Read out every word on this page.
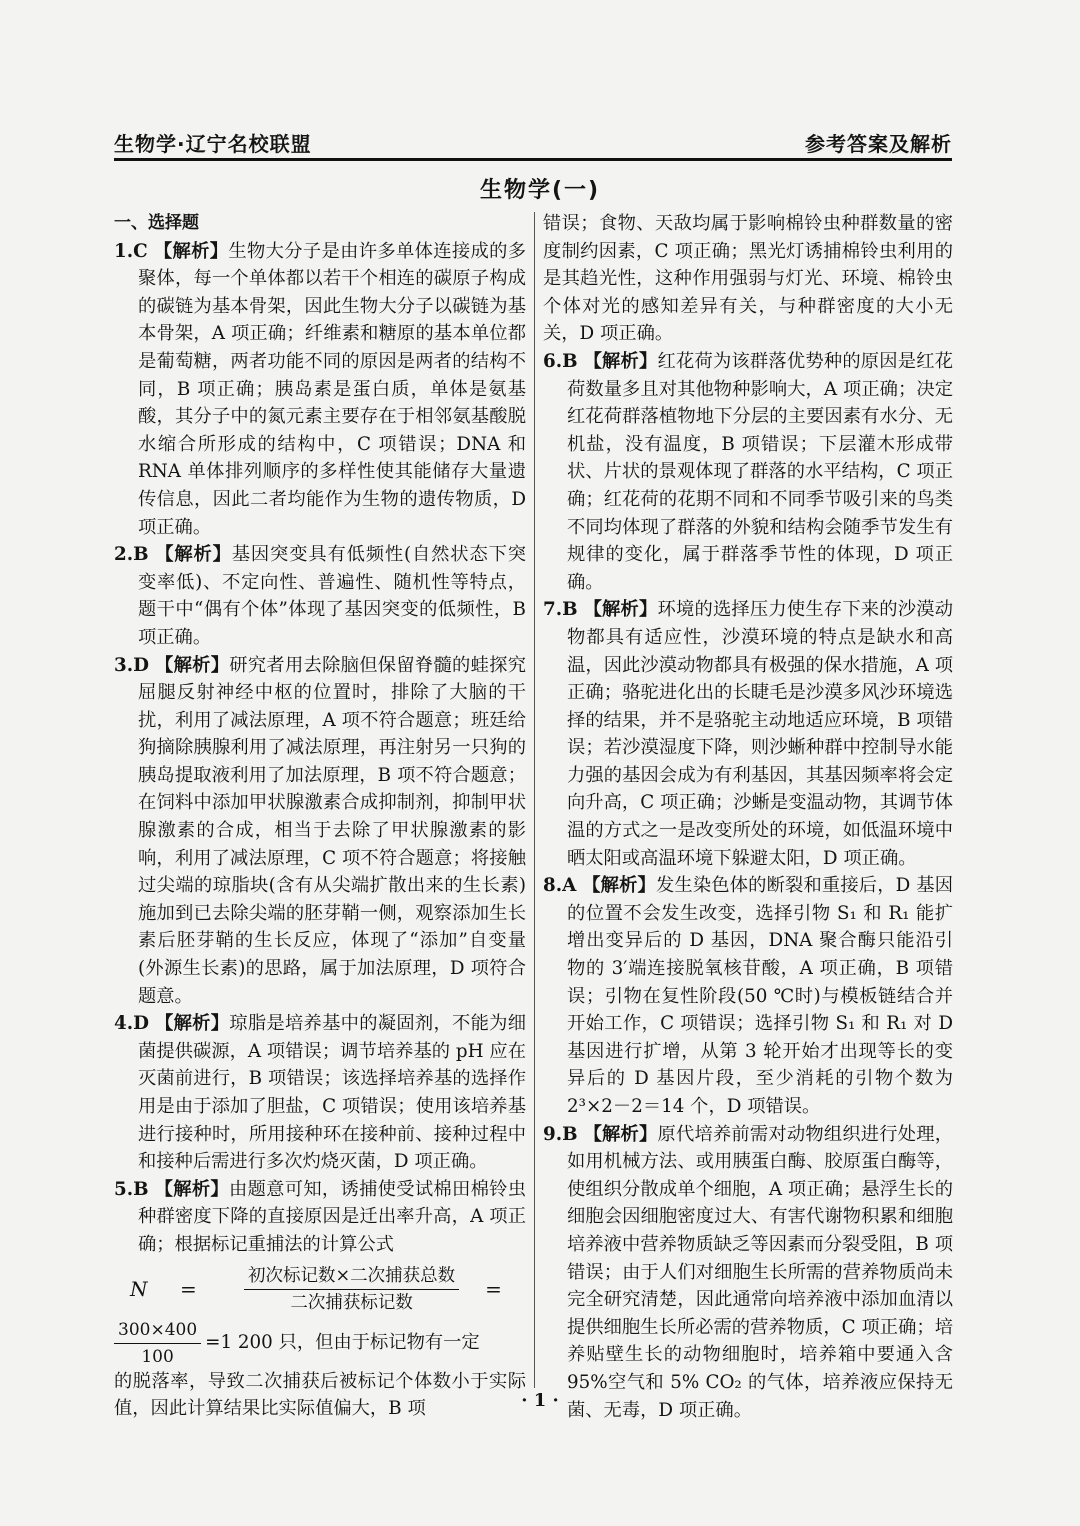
生物学·辽宁名校联盟	参考答案及解析
生物学(一)

一、选择题

1.C 【解析】生物大分子是由许多单体连接成的多聚体，每一个单体都以若干个相连的碳原子构成的碳链为基本骨架，因此生物大分子以碳链为基本骨架，A 项正确；纤维素和糖原的基本单位都是葡萄糖，两者功能不同的原因是两者的结构不同，B 项正确；胰岛素是蛋白质，单体是氨基酸，其分子中的氮元素主要存在于相邻氨基酸脱水缩合所形成的结构中，C 项错误；DNA 和 RNA 单体排列顺序的多样性使其能储存大量遗传信息，因此二者均能作为生物的遗传物质，D 项正确。

2.B 【解析】基因突变具有低频性(自然状态下突变率低)、不定向性、普遍性、随机性等特点，题干中“偶有个体”体现了基因突变的低频性，B 项正确。

3.D 【解析】研究者用去除脑但保留脊髓的蛙探究屈腿反射神经中枢的位置时，排除了大脑的干扰，利用了减法原理，A 项不符合题意；班廷给狗摘除胰腺利用了减法原理，再注射另一只狗的胰岛提取液利用了加法原理，B 项不符合题意；在饲料中添加甲状腺激素合成抑制剂，抑制甲状腺激素的合成，相当于去除了甲状腺激素的影响，利用了减法原理，C 项不符合题意；将接触过尖端的琼脂块(含有从尖端扩散出来的生长素)施加到已去除尖端的胚芽鞘一侧，观察添加生长素后胚芽鞘的生长反应，体现了“添加”自变量(外源生长素)的思路，属于加法原理，D 项符合题意。

4.D 【解析】琼脂是培养基中的凝固剂，不能为细菌提供碳源，A 项错误；调节培养基的 pH 应在灭菌前进行，B 项错误；该选择培养基的选择作用是由于添加了胆盐，C 项错误；使用该培养基进行接种时，所用接种环在接种前、接种过程中和接种后需进行多次灼烧灭菌，D 项正确。

5.B 【解析】由题意可知，诱捕使受试棉田棉铃虫种群密度下降的直接原因是迁出率升高，A 项正确；根据标记重捕法的计算公式
N	=	$\frac{\text{初次标记数×二次捕获总数}}{\text{二次捕获标记数}}$ =
$\frac{300\times 400}{100} =1$ 200 只，但由于标记物有一定

的脱落率，导致二次捕获后被标记个体数小于实际值，因此计算结果比实际值偏大，B 项

错误；食物、天敌均属于影响棉铃虫种群数量的密度制约因素，C 项正确；黑光灯诱捕棉铃虫利用的是其趋光性，这种作用强弱与灯光、环境、棉铃虫个体对光的感知差异有关，与种群密度的大小无关，D 项正确。

6.B 【解析】红花荷为该群落优势种的原因是红花荷数量多且对其他物种影响大，A 项正确；决定红花荷群落植物地下分层的主要因素有水分、无机盐，没有温度，B 项错误；下层灌木形成带状、片状的景观体现了群落的水平结构，C 项正确；红花荷的花期不同和不同季节吸引来的鸟类不同均体现了群落的外貌和结构会随季节发生有规律的变化，属于群落季节性的体现，D 项正确。

7.B 【解析】环境的选择压力使生存下来的沙漠动物都具有适应性，沙漠环境的特点是缺水和高温，因此沙漠动物都具有极强的保水措施，A 项正确；骆驼进化出的长睫毛是沙漠多风沙环境选择的结果，并不是骆驼主动地适应环境，B 项错误；若沙漠湿度下降，则沙蜥种群中控制导水能力强的基因会成为有利基因，其基因频率将会定向升高，C 项正确；沙蜥是变温动物，其调节体温的方式之一是改变所处的环境，如低温环境中晒太阳或高温环境下躲避太阳，D 项正确。

8.A 【解析】发生染色体的断裂和重接后，D 基因的位置不会发生改变，选择引物 S₁ 和 R₁ 能扩增出变异后的 D 基因，DNA 聚合酶只能沿引物的 3′端连接脱氧核苷酸，A 项正确，B 项错误；引物在复性阶段(50 ℃时)与模板链结合并开始工作，C 项错误；选择引物 S₁ 和 R₁ 对 D 基因进行扩增，从第 3 轮开始才出现等长的变异后的 D 基因片段，至少消耗的引物个数为 2³×2－2＝14 个，D 项错误。

9.B 【解析】原代培养前需对动物组织进行处理，如用机械方法、或用胰蛋白酶、胶原蛋白酶等，使组织分散成单个细胞，A 项正确；悬浮生长的细胞会因细胞密度过大、有害代谢物积累和细胞培养液中营养物质缺乏等因素而分裂受阻，B 项错误；由于人们对细胞生长所需的营养物质尚未完全研究清楚，因此通常向培养液中添加血清以提供细胞生长所必需的营养物质，C 项正确；培养贴壁生长的动物细胞时，培养箱中要通入含 95%空气和 5% CO₂ 的气体，培养液应保持无菌、无毒，D 项正确。

· 1 ·
